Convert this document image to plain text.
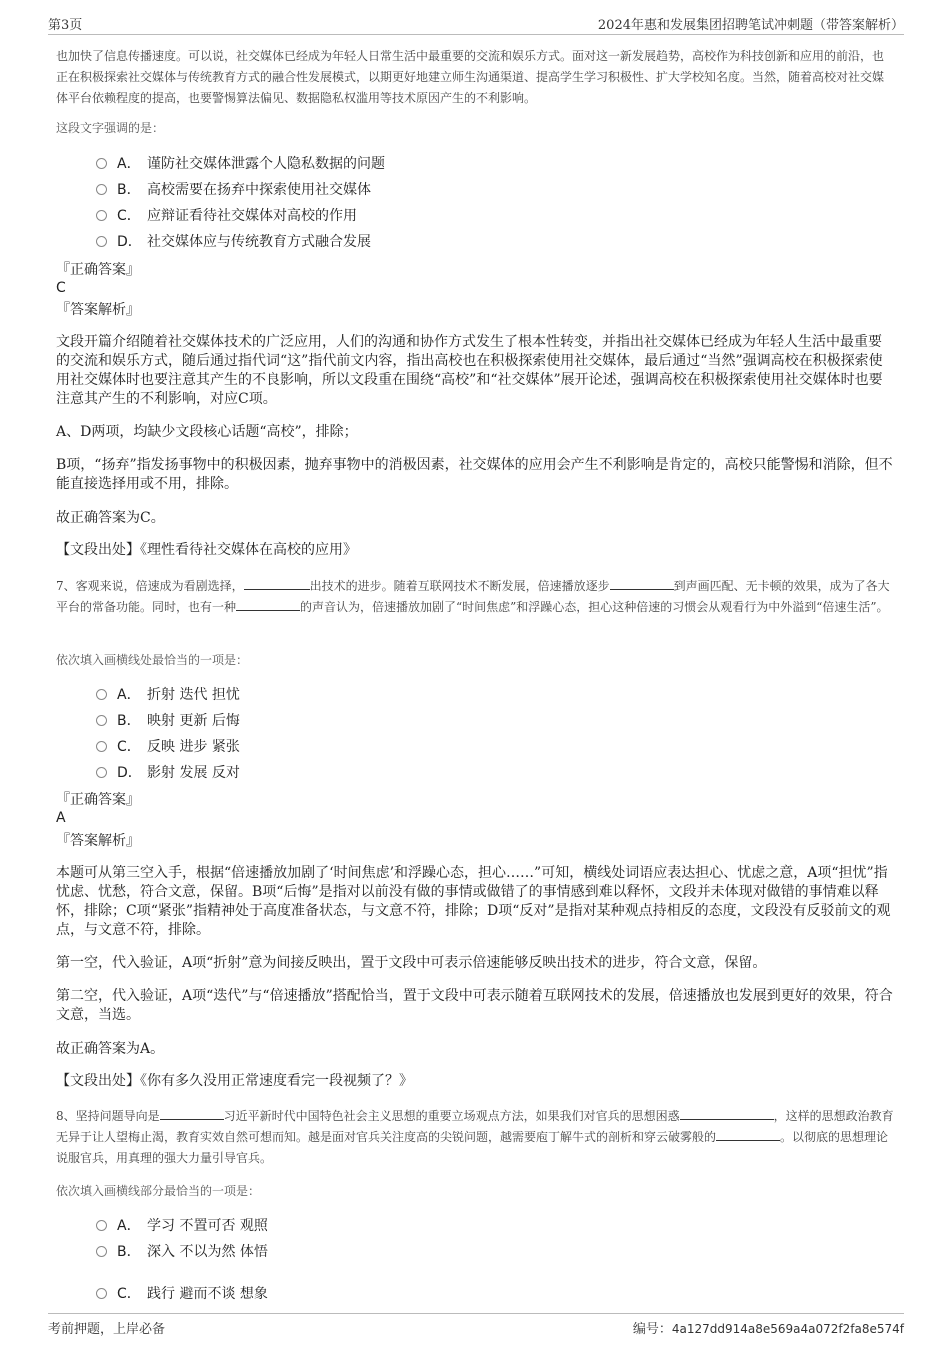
第3页	2024年惠和发展集团招聘笔试冲刺题（带答案解析）
也加快了信息传播速度。可以说，社交媒体已经成为年轻人日常生活中最重要的交流和娱乐方式。面对这一新发展趋势，高校作为科技创新和应用的前沿，也正在积极探索社交媒体与传统教育方式的融合性发展模式，以期更好地建立师生沟通渠道、提高学生学习积极性、扩大学校知名度。当然，随着高校对社交媒体平台依赖程度的提高，也要警惕算法偏见、数据隐私权滥用等技术原因产生的不利影响。
这段文字强调的是：
A． 谨防社交媒体泄露个人隐私数据的问题
B． 高校需要在扬弃中探索使用社交媒体
C． 应辩证看待社交媒体对高校的作用
D． 社交媒体应与传统教育方式融合发展
『正确答案』
C
『答案解析』
文段开篇介绍随着社交媒体技术的广泛应用，人们的沟通和协作方式发生了根本性转变，并指出社交媒体已经成为年轻人生活中最重要的交流和娱乐方式，随后通过指代词“这”指代前文内容，指出高校也在积极探索使用社交媒体，最后通过“当然”强调高校在积极探索使用社交媒体时也要注意其产生的不良影响，所以文段重在围绕“高校”和“社交媒体”展开论述，强调高校在积极探索使用社交媒体时也要注意其产生的不利影响，对应C项。
A、D两项，均缺少文段核心话题“高校”，排除；
B项，“扬弃”指发扬事物中的积极因素，抛弃事物中的消极因素，社交媒体的应用会产生不利影响是肯定的，高校只能警惕和消除，但不能直接选择用或不用，排除。
故正确答案为C。
【文段出处】《理性看待社交媒体在高校的应用》
7、客观来说，倍速成为看剧选择，	出技术的进步。随着互联网技术不断发展，倍速播放逐步	到声画匹配、无卡顿的效果，成为了各大平台的常备功能。同时，也有一种	的声音认为，倍速播放加剧了“时间焦虑”和浮躁心态，担心这种倍速的习惯会从观看行为中外溢到“倍速生活”。
依次填入画横线处最恰当的一项是：
A． 折射 迭代 担忧
B． 映射 更新 后悔
C． 反映 进步 紧张
D． 影射 发展 反对
『正确答案』
A
『答案解析』
本题可从第三空入手，根据“倍速播放加剧了‘时间焦虑’和浮躁心态，担心……”可知，横线处词语应表达担心、忧虑之意，A项“担忧”指忧虑、忧愁，符合文意，保留。B项“后悔”是指对以前没有做的事情或做错了的事情感到难以释怀，文段并未体现对做错的事情难以释怀，排除；C项“紧张”指精神处于高度准备状态，与文意不符，排除；D项“反对”是指对某种观点持相反的态度，文段没有反驳前文的观点，与文意不符，排除。
第一空，代入验证，A项“折射”意为间接反映出，置于文段中可表示倍速能够反映出技术的进步，符合文意，保留。
第二空，代入验证，A项“迭代”与“倍速播放”搭配恰当，置于文段中可表示随着互联网技术的发展，倍速播放也发展到更好的效果，符合文意，当选。
故正确答案为A。
【文段出处】《你有多久没用正常速度看完一段视频了？》
8、坚持问题导向是	习近平新时代中国特色社会主义思想的重要立场观点方法，如果我们对官兵的思想困惑	，这样的思想政治教育无异于让人望梅止渴，教育实效自然可想而知。越是面对官兵关注度高的尖锐问题，越需要庖丁解牛式的剖析和穿云破雾般的	。以彻底的思想理论说服官兵，用真理的强大力量引导官兵。
依次填入画横线部分最恰当的一项是：
A． 学习 不置可否 观照
B． 深入 不以为然 体悟
C． 践行 避而不谈 想象
考前押题，上岸必备	编号：4a127dd914a8e569a4a072f2fa8e574f
